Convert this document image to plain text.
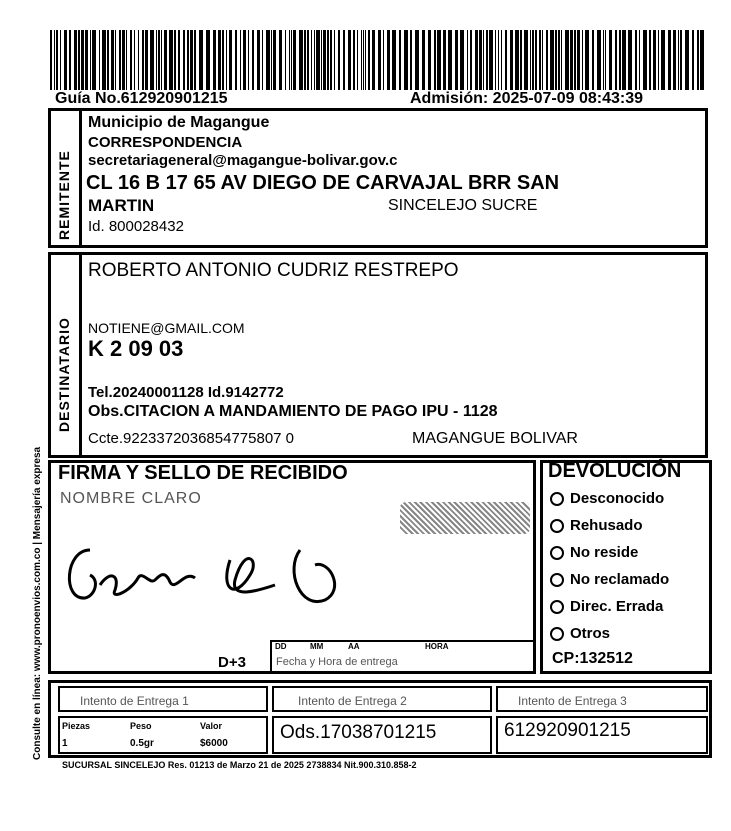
Guía No.612920901215	Admisión: 2025-07-09 08:43:39
REMITENTE
Municipio de Magangue
CORRESPONDENCIA
secretariageneral@magangue-bolivar.gov.c
CL 16 B 17 65 AV DIEGO DE CARVAJAL BRR SAN
MARTIN	SINCELEJO SUCRE
Id. 800028432
DESTINATARIO
ROBERTO ANTONIO CUDRIZ RESTREPO
NOTIENE@GMAIL.COM
K 2 09 03
Tel.20240001128 Id.9142772
Obs.CITACION A MANDAMIENTO DE PAGO IPU - 1128
Ccte.9223372036854775807 0	MAGANGUE BOLIVAR
Consulte en línea: www.pronoenvios.com.co | Mensajería expresa FIRMA Y SELLO DE RECIBIDO
NOMBRE CLARO
D+3
DD	MM	AA	HORA
Fecha y Hora de entrega
DEVOLUCIÓN
Desconocido
Rehusado
No reside
No reclamado
Direc. Errada
Otros
CP:132512
Intento de Entrega 1	Intento de Entrega 2	Intento de Entrega 3
Piezas	Peso	Valor
1	0.5gr	$6000
Ods.17038701215	612920901215
SUCURSAL SINCELEJO Res. 01213 de Marzo 21 de 2025 2738834 Nit.900.310.858-2
